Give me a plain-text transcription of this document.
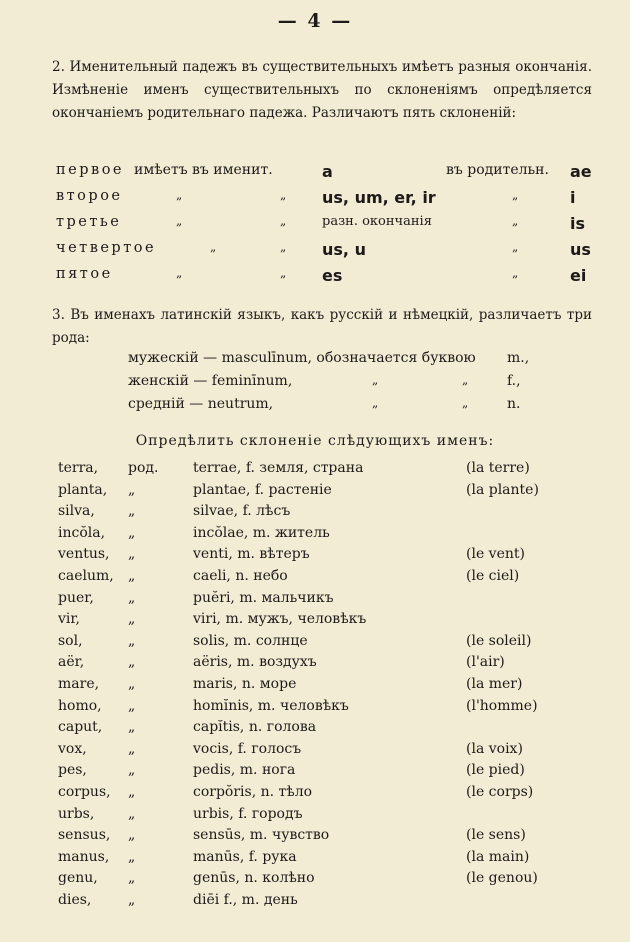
— 4 —

2. Именительный падежъ въ существительныхъ имѣетъ разныя окончанія. Измѣненіе именъ существительныхъ по склоненіямъ опредѣляется окончаніемъ родительнаго падежа. Различаютъ пять склоненій:

первое имѣетъ въ именит.	a	въ родительн. ae
второе	„	„ us, um, er, ir	„	i
третье	„	„	разн. окончанія	„	is
четвертое	„	„ us, u	„	us
пятое	„	„ es	„	ei

3. Въ именахъ латинскій языкъ, какъ русскій и нѣмецкій, различаетъ три рода:

мужескій — masculīnum, обозначается буквою m.,
женскій — feminīnum,	„	„	f.,
средній — neutrum,	„	„	n.
Опредѣлить склоненіе слѣдующихъ именъ:
terra, род. terrae, f. земля, страна	(la terre)
planta, „	plantae, f. растеніе	(la plante)
silva, „	silvae, f. лѣсъ
incŏla, „	incŏlae, m. житель
ventus, „	venti, m. вѣтеръ	(le vent)
caelum, „	caeli, n. небо	(le ciel)
puer, „	puĕri, m. мальчикъ
vir,	„	viri, m. мужъ, человѣкъ
sol,	„	solis, m. солнце	(le soleil)
aër,	„	aëris, m. воздухъ	(l'air)
mare, „	maris, n. море	(la mer)
homo, „	homĭnis, m. человѣкъ	(l'homme)
caput, „	capĭtis, n. голова
vox,	„	vocis, f. голосъ	(la voix)
pes,	„	pedis, m. нога	(le pied)
corpus, „	corpŏris, n. тѣло	(le corps)
urbs, „	urbis, f. городъ
sensus, „	sensūs, m. чувство	(le sens)
manus, „	manūs, f. рука	(la main)
genu, „	genūs, n. колѣно	(le genou)
dies,	„	diēi f., m. день
